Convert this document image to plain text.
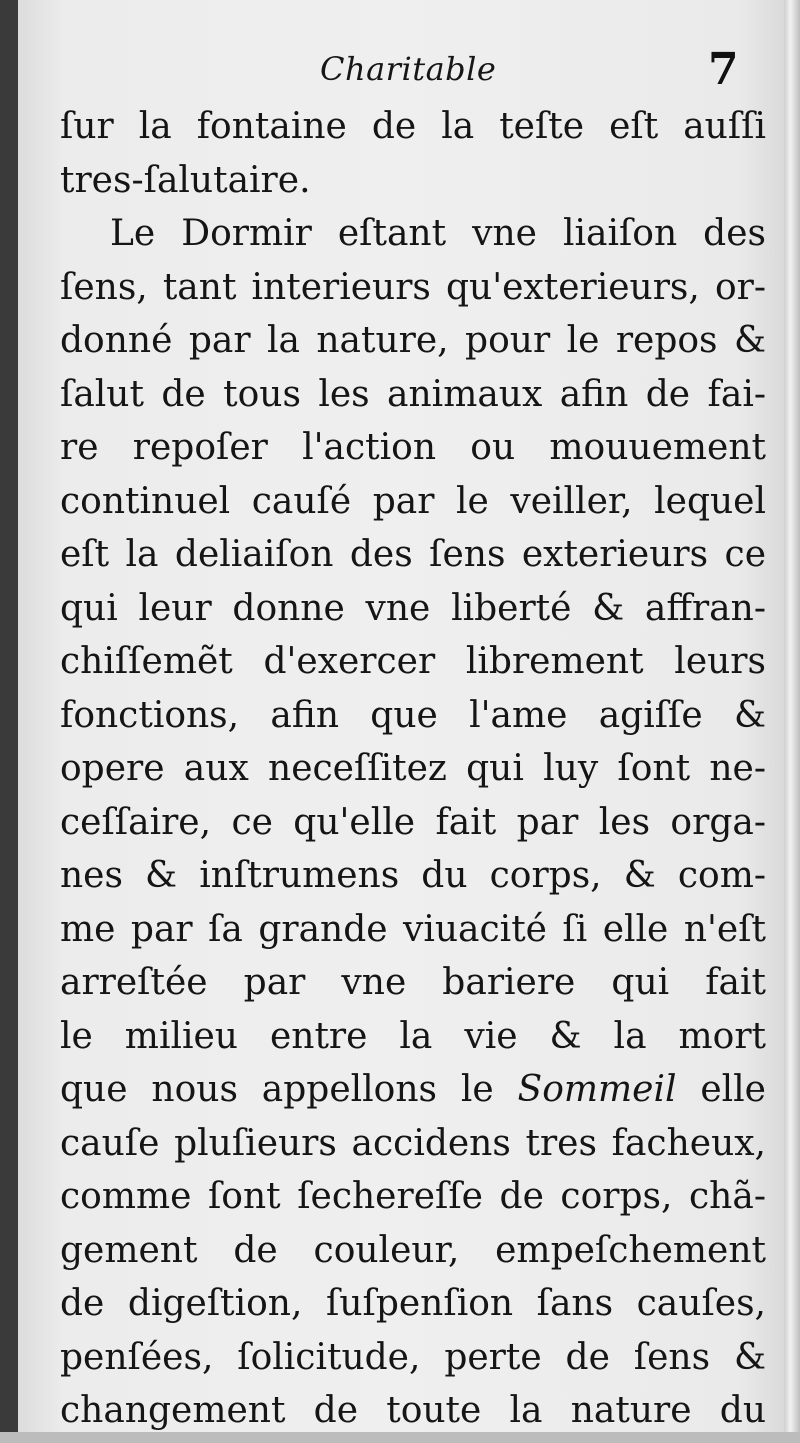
Charitable	7
ſur la fontaine de la teſte eſt auſſi
tres-ſalutaire.
Le Dormir eſtant vne liaiſon des
ſens, tant interieurs qu'exterieurs, or-
donné par la nature, pour le repos &
ſalut de tous les animaux afin de fai-
re repoſer l'action ou mouuement
continuel cauſé par le veiller, lequel
eſt la deliaiſon des ſens exterieurs ce
qui leur donne vne liberté & affran-
chiſſemẽt d'exercer librement leurs
fonctions, afin que l'ame agiſſe &
opere aux neceſſitez qui luy ſont ne-
ceſſaire, ce qu'elle fait par les orga-
nes & inſtrumens du corps, & com-
me par ſa grande viuacité ſi elle n'eſt
arreſtée par vne bariere qui fait
le milieu entre la vie & la mort
que nous appellons le Sommeil elle
cauſe pluſieurs accidens tres facheux,
comme ſont ſechereſſe de corps, chã-
gement de couleur, empeſchement
de digeſtion, ſuſpenſion ſans cauſes,
penſées, ſolicitude, perte de ſens &
changement de toute la nature du
